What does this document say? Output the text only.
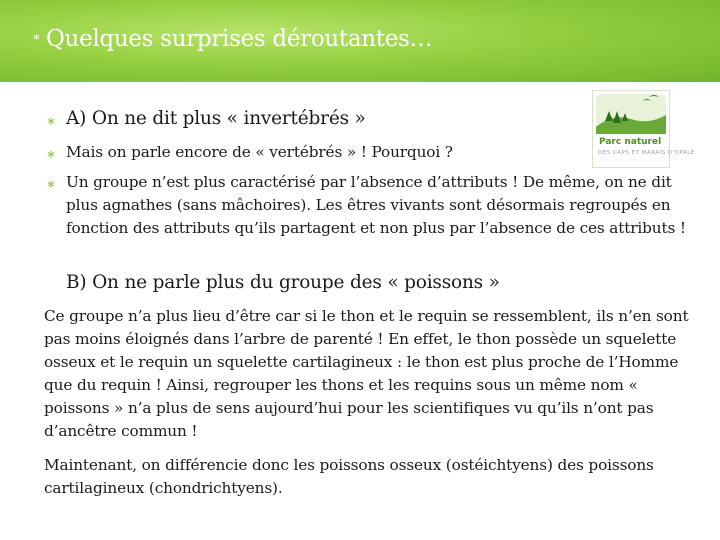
∗ Quelques surprises déroutantes…
∗ A) On ne dit plus « invertébrés »
∗ Mais on parle encore de « vertébrés » ! Pourquoi ?
∗ Un groupe n’est plus caractérisé par l’absence d’attributs ! De même, on ne dit plus agnathes (sans mâchoires). Les êtres vivants sont désormais regroupés en fonction des attributs qu’ils partagent et non plus par l’absence de ces attributs !
B) On ne parle plus du groupe des « poissons »
Ce groupe n’a plus lieu d’être car si le thon et le requin se ressemblent, ils n’en sont pas moins éloignés dans l’arbre de parenté ! En effet, le thon possède un squelette osseux et le requin un squelette cartilagineux : le thon est plus proche de l’Homme que du requin ! Ainsi, regrouper les thons et les requins sous un même nom « poissons » n’a plus de sens aujourd’hui pour les scientifiques vu qu’ils n’ont pas d’ancêtre commun !
Maintenant, on différencie donc les poissons osseux (ostéichtyens) des poissons cartilagineux (chondrichtyens).
Parc naturel
DES CAPS ET MARAIS D'OPALE
